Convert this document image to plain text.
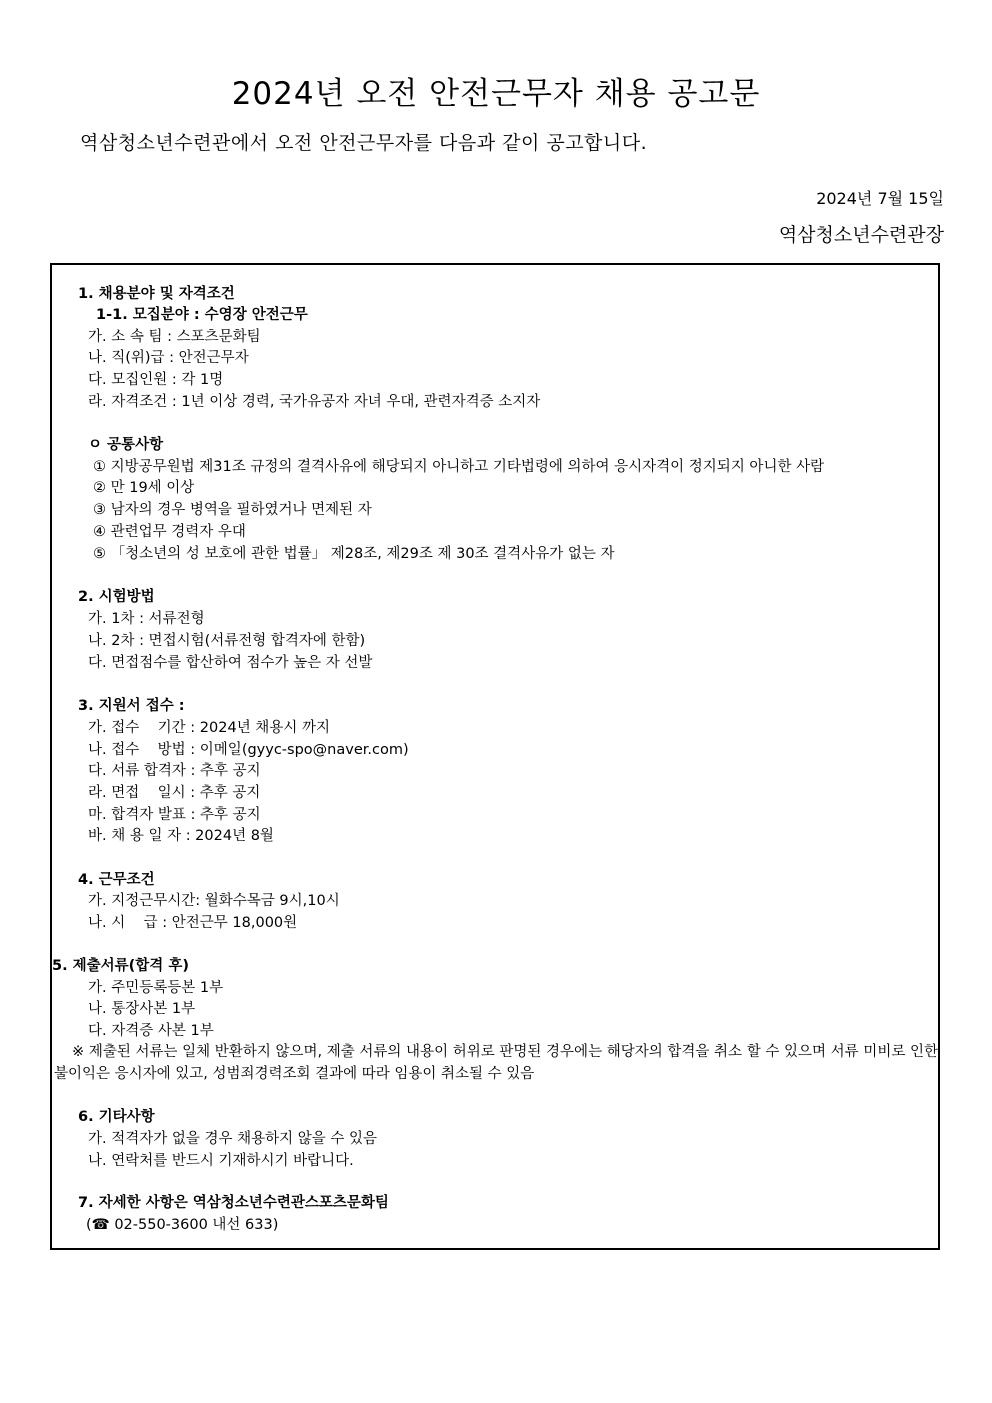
2024년 오전 안전근무자 채용 공고문
역삼청소년수련관에서 오전 안전근무자를 다음과 같이 공고합니다.
2024년 7월 15일
역삼청소년수련관장
1. 채용분야 및 자격조건
1-1. 모집분야 : 수영장 안전근무
가. 소 속 팀 : 스포츠문화팀
나. 직(위)급 : 안전근무자
다. 모집인원 : 각 1명
라. 자격조건 : 1년 이상 경력, 국가유공자 자녀 우대, 관련자격증 소지자
ㅇ 공통사항
① 지방공무원법 제31조 규정의 결격사유에 해당되지 아니하고 기타법령에 의하여 응시자격이 정지되지 아니한 사람
② 만 19세 이상
③ 남자의 경우 병역을 필하였거나 면제된 자
④ 관련업무 경력자 우대
⑤ 「청소년의 성 보호에 관한 법률」 제28조, 제29조 제 30조 결격사유가 없는 자
2. 시험방법
가. 1차 : 서류전형
나. 2차 : 면접시험(서류전형 합격자에 한함)
다. 면접점수를 합산하여 점수가 높은 자 선발
3. 지원서 접수 :
가. 접수    기간 : 2024년 채용시 까지
나. 접수    방법 : 이메일(gyyc-spo@naver.com)
다. 서류 합격자 : 추후 공지
라. 면접    일시 : 추후 공지
마. 합격자 발표 : 추후 공지
바. 채 용 일 자 : 2024년 8월
4. 근무조건
가. 지정근무시간: 월화수목금 9시,10시
나. 시    급 : 안전근무 18,000원
5. 제출서류(합격 후)
가. 주민등록등본 1부
나. 통장사본 1부
다. 자격증 사본 1부
※ 제출된 서류는 일체 반환하지 않으며, 제출 서류의 내용이 허위로 판명된 경우에는 해당자의 합격을 취소 할 수 있으며 서류 미비로 인한 불이익은 응시자에 있고, 성범죄경력조회 결과에 따라 임용이 취소될 수 있음
6. 기타사항
가. 적격자가 없을 경우 채용하지 않을 수 있음
나. 연락처를 반드시 기재하시기 바랍니다.
7. 자세한 사항은 역삼청소년수련관스포츠문화팀
(☎ 02-550-3600 내선 633)
